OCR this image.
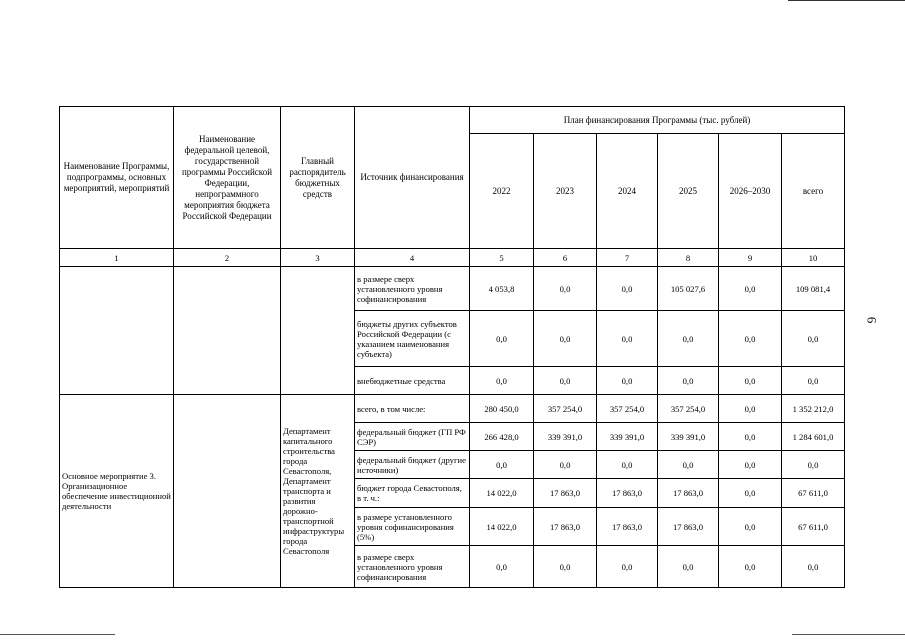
6
Наименование Программы, подпрограммы, основных мероприятий, мероприятий	Наименование федеральной целевой, государственной программы Российской Федерации, непрограммного мероприятия бюджета Российской Федерации	Главный распорядитель бюджетных средств	Источник финансирования	План финансирования Программы (тыс. рублей)					
				2022	2023	2024	2025	2026–2030	всего
1	2	3	4	5	6	7	8	9	10
			в размере сверх установленного уровня софинансирования	4 053,8	0,0	0,0	105 027,6	0,0	109 081,4
			бюджеты других субъектов Российской Федерации (с указанием наименования субъекта)	0,0	0,0	0,0	0,0	0,0	0,0
			внебюджетные средства	0,0	0,0	0,0	0,0	0,0	0,0
Основное мероприятие 3. Организационное обеспечение инвестиционной деятельности		Департамент капитального строительства города Севастополя, Департамент транспорта и развития дорожно-транспортной инфраструктуры города Севастополя	всего, в том числе:	280 450,0	357 254,0	357 254,0	357 254,0	0,0	1 352 212,0
			федеральный бюджет (ГП РФ СЭР)	266 428,0	339 391,0	339 391,0	339 391,0	0,0	1 284 601,0
			федеральный бюджет (другие источники)	0,0	0,0	0,0	0,0	0,0	0,0
			бюджет города Севастополя, в т. ч.:	14 022,0	17 863,0	17 863,0	17 863,0	0,0	67 611,0
			в размере установленного уровня софинансирования (5%)	14 022,0	17 863,0	17 863,0	17 863,0	0,0	67 611,0
			в размере сверх установленного уровня софинансирования	0,0	0,0	0,0	0,0	0,0	0,0
